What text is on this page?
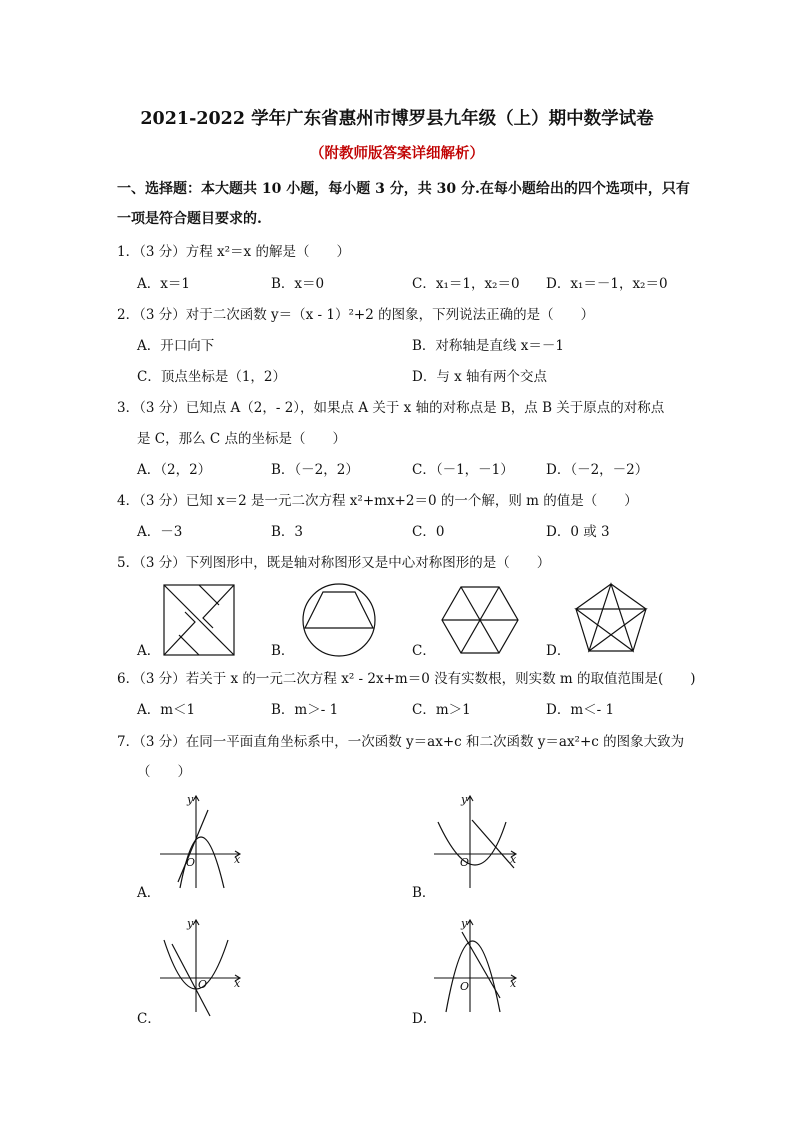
2021-2022 学年广东省惠州市博罗县九年级（上）期中数学试卷
（附教师版答案详细解析）
一、选择题：本大题共 10 小题，每小题 3 分，共 30 分.在每小题给出的四个选项中，只有
一项是符合题目要求的.
1．（3 分）方程 x²＝x 的解是（　　）
A．x＝1	B．x＝0	C．x₁＝1，x₂＝0 D．x₁＝－1，x₂＝0
2．（3 分）对于二次函数 y＝（x - 1）²+2 的图象，下列说法正确的是（　　）
A．开口向下	B．对称轴是直线 x＝－1
C．顶点坐标是（1，2）	D．与 x 轴有两个交点
3．（3 分）已知点 A（2，- 2），如果点 A 关于 x 轴的对称点是 B，点 B 关于原点的对称点
是 C，那么 C 点的坐标是（　　）
A．（2，2）	B．（－2，2）	C．（－1，－1） D．（－2，－2）
4．（3 分）已知 x＝2 是一元二次方程 x²+mx+2＝0 的一个解，则 m 的值是（　　）
A．－3	B．3	C．0	D．0 或 3
5．（3 分）下列图形中，既是轴对称图形又是中心对称图形的是（　　）
A．	B．	C．	D．
6．（3 分）若关于 x 的一元二次方程 x² - 2x+m＝0 没有实数根，则实数 m 的取值范围是(　　)
A．m＜1	B．m＞- 1	C．m＞1	D．m＜- 1
7．（3 分）在同一平面直角坐标系中，一次函数 y＝ax+c 和二次函数 y＝ax²+c 的图象大致为
（　　）
y
x
O
A．
y
x
O
B．
y
x
O
C．
y
x
O
D．
